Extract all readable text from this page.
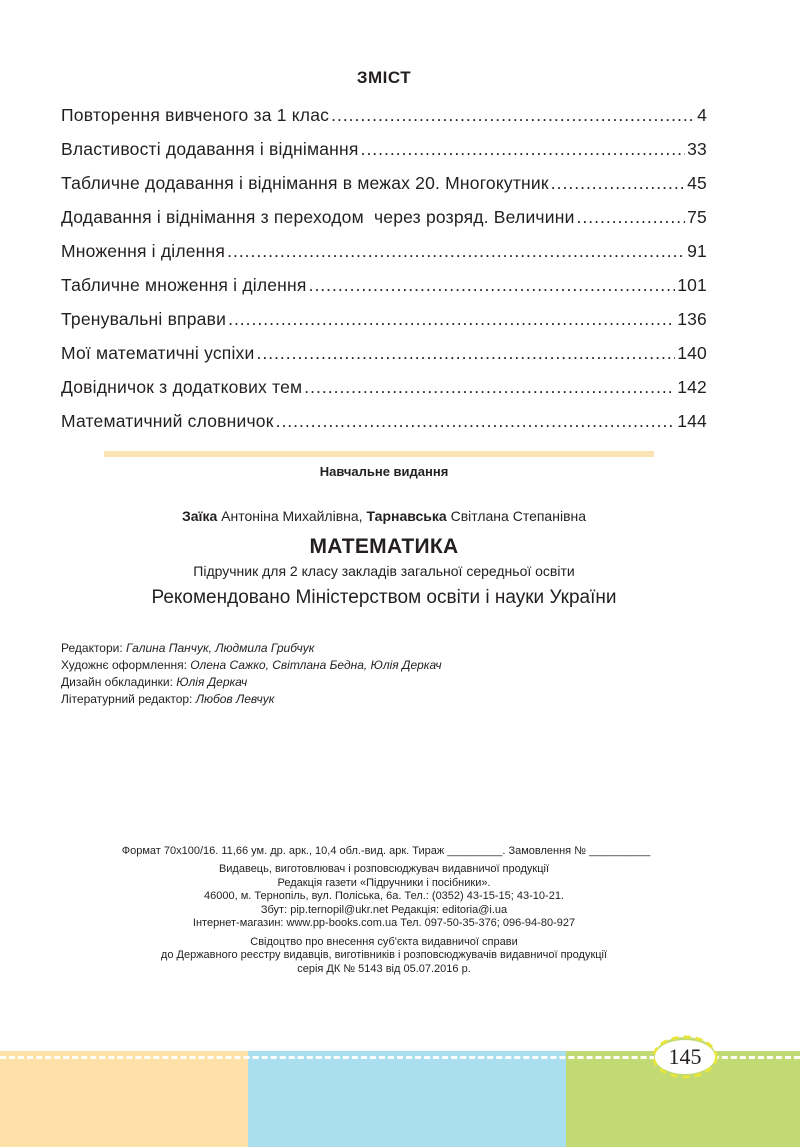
ЗМІСТ
Повторення вивченого за 1 клас .....	4
Властивості додавання і віднімання .....	33
Табличне додавання і віднімання в межах 20. Многокутник .....	45
Додавання і віднімання з переходом  через розряд. Величини .....	75
Множення і ділення .....	91
Табличне множення і ділення .....	101
Тренувальні вправи .....	136
Мої математичні успіхи .....	140
Довідничок з додаткових тем .....	142
Математичний словничок .....	144
Навчальне видання
Заїка Антоніна Михайлівна, Тарнавська Світлана Степанівна
МАТЕМАТИКА
Підручник для 2 класу закладів загальної середньої освіти
Рекомендовано Міністерством освіти і науки України
Редактори: Галина Панчук, Людмила Грибчук
Художнє оформлення: Олена Сажко, Світлана Бедна, Юлія Деркач
Дизайн обкладинки: Юлія Деркач
Літературний редактор: Любов Левчук
Формат 70х100/16. 11,66 ум. др. арк., 10,4 обл.-вид. арк. Тираж _________. Замовлення № __________
Видавець, виготовлювач і розповсюджувач видавничої продукції
Редакція газети «Підручники і посібники».
46000, м. Тернопіль, вул. Поліська, 6а. Тел.: (0352) 43-15-15; 43-10-21.
Збут: pip.ternopil@ukr.net Редакція: editoria@i.ua
Інтернет-магазин: www.pp-books.com.ua Тел. 097-50-35-376; 096-94-80-927
Свідоцтво про внесення суб'єкта видавничої справи
до Державного реєстру видавців, виготівників і розповсюджувачів видавничої продукції
серія ДК № 5143 від 05.07.2016 р.
145
